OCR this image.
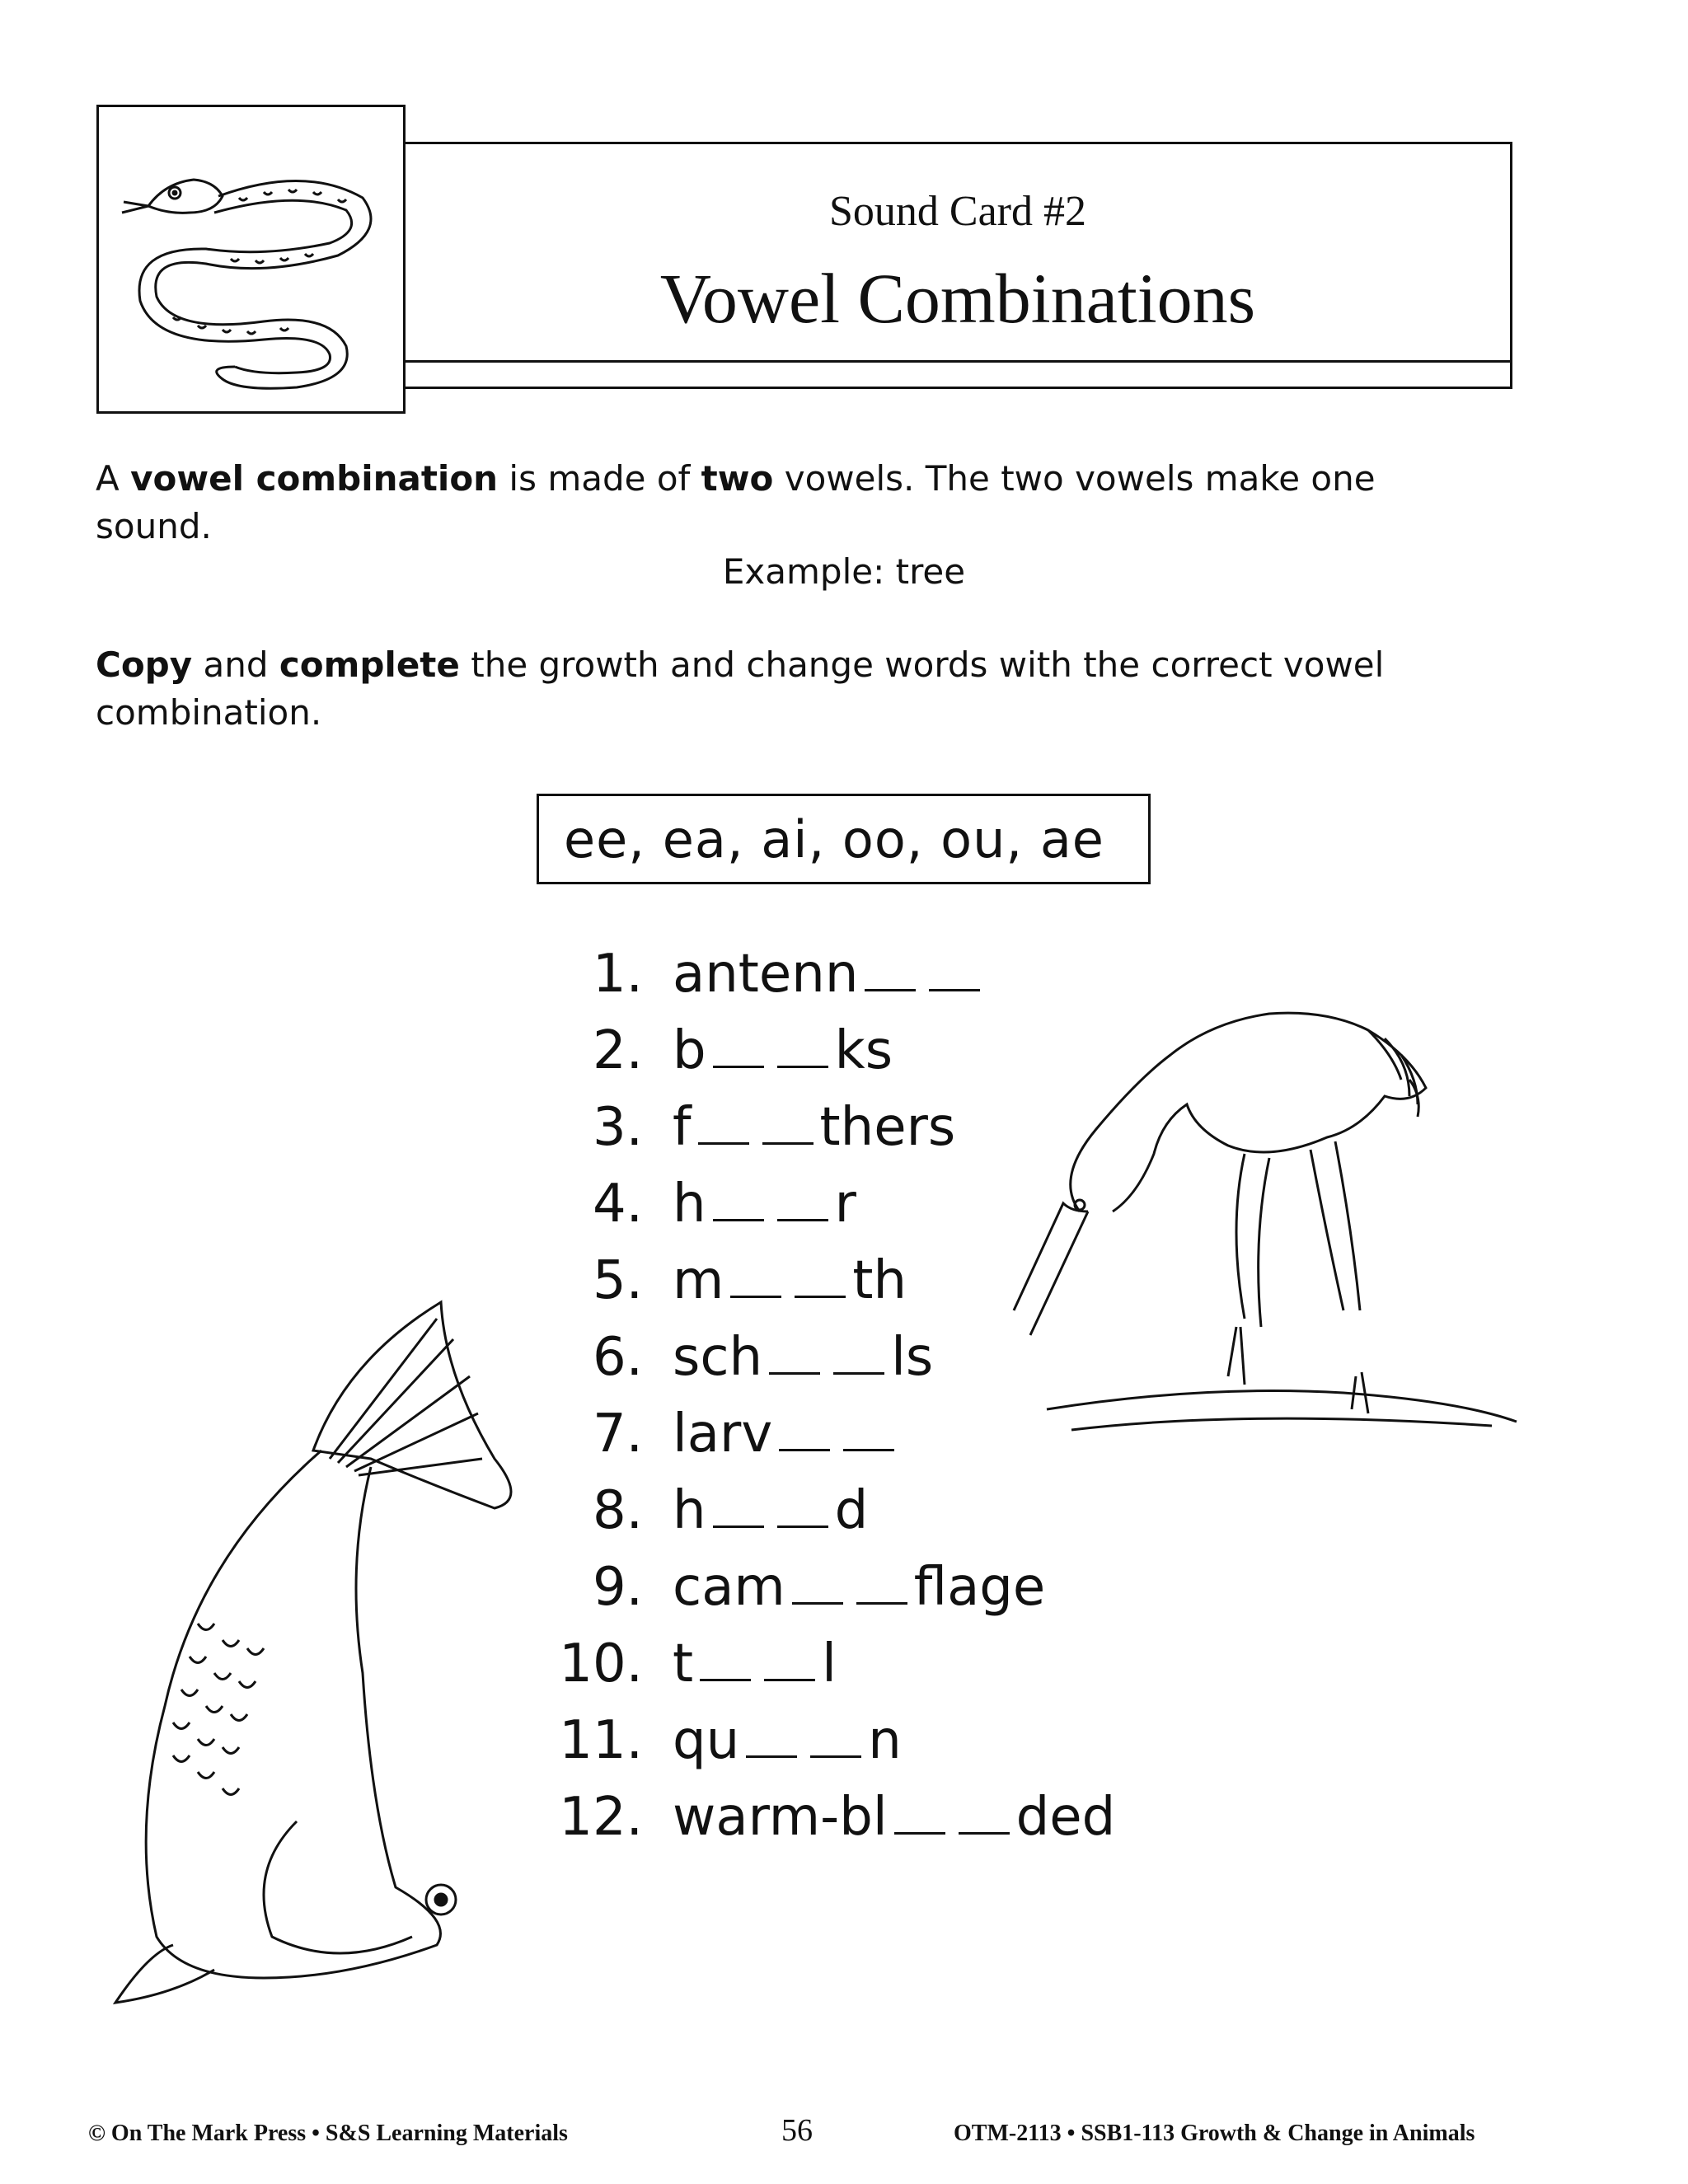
Sound Card #2
Vowel Combinations
A vowel combination is made of two vowels. The two vowels make one sound.
Example: tree
Copy and complete the growth and change words with the correct vowel combination.
ee, ea, ai, oo, ou, ae
1. antenn
2. b ks
3. f thers
4. h r
5. m th
6. sch ls
7. larv
8. h d
9. cam flage
10. t l
11. qu n
12. warm-bl ded
© On The Mark Press • S&S Learning Materials	56	OTM-2113 • SSB1-113 Growth & Change in Animals
